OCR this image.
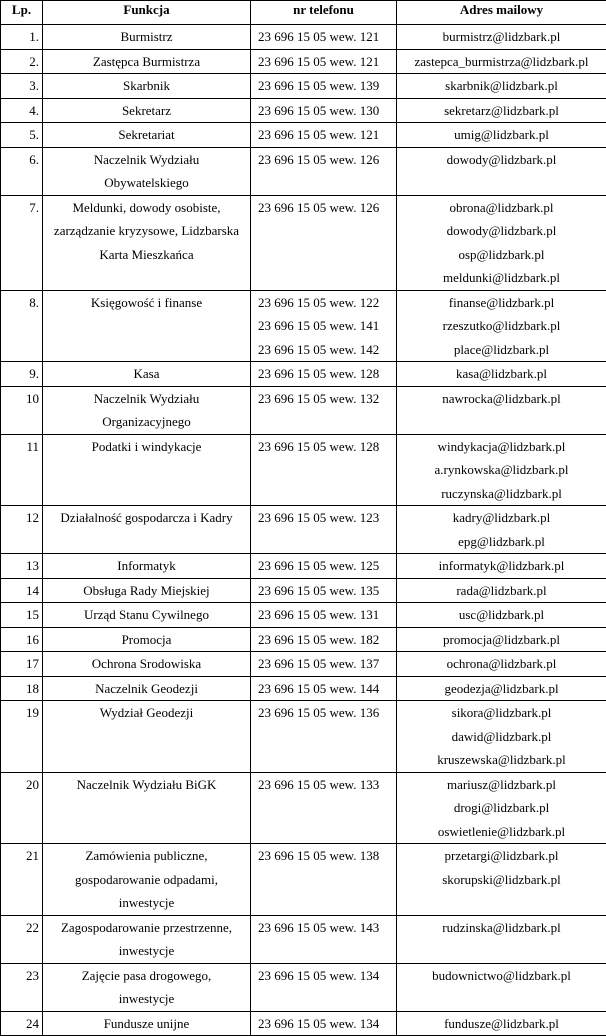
Lp.	Funkcja	nr telefonu	Adres mailowy
1.	Burmistrz	23 696 15 05 wew. 121	burmistrz@lidzbark.pl

2.	Zastępca Burmistrza	23 696 15 05 wew. 121	zastepca_burmistrza@lidzbark.pl

3.	Skarbnik	23 696 15 05 wew. 139	skarbnik@lidzbark.pl

4.	Sekretarz	23 696 15 05 wew. 130	sekretarz@lidzbark.pl

5.	Sekretariat	23 696 15 05 wew. 121	umig@lidzbark.pl

6.	Naczelnik Wydziału
Obywatelskiego	23 696 15 05 wew. 126	dowody@lidzbark.pl

7.	Meldunki, dowody osobiste,
zarządzanie kryzysowe, Lidzbarska
Karta Mieszkańca	23 696 15 05 wew. 126	obrona@lidzbark.pl
dowody@lidzbark.pl
osp@lidzbark.pl
meldunki@lidzbark.pl

8.	Księgowość i finanse	23 696 15 05 wew. 122
23 696 15 05 wew. 141
23 696 15 05 wew. 142	finanse@lidzbark.pl
rzeszutko@lidzbark.pl
place@lidzbark.pl

9.	Kasa	23 696 15 05 wew. 128	kasa@lidzbark.pl

10	Naczelnik Wydziału
Organizacyjnego	23 696 15 05 wew. 132	nawrocka@lidzbark.pl

11	Podatki i windykacje	23 696 15 05 wew. 128	windykacja@lidzbark.pl
a.rynkowska@lidzbark.pl
ruczynska@lidzbark.pl

12	Działalność gospodarcza i Kadry	23 696 15 05 wew. 123	kadry@lidzbark.pl
epg@lidzbark.pl

13	Informatyk	23 696 15 05 wew. 125	informatyk@lidzbark.pl

14	Obsługa Rady Miejskiej	23 696 15 05 wew. 135	rada@lidzbark.pl

15	Urząd Stanu Cywilnego	23 696 15 05 wew. 131	usc@lidzbark.pl

16	Promocja	23 696 15 05 wew. 182	promocja@lidzbark.pl

17	Ochrona Srodowiska	23 696 15 05 wew. 137	ochrona@lidzbark.pl

18	Naczelnik Geodezji	23 696 15 05 wew. 144	geodezja@lidzbark.pl

19	Wydział Geodezji	23 696 15 05 wew. 136	sikora@lidzbark.pl
dawid@lidzbark.pl
kruszewska@lidzbark.pl

20	Naczelnik Wydziału BiGK	23 696 15 05 wew. 133	mariusz@lidzbark.pl
drogi@lidzbark.pl
oswietlenie@lidzbark.pl

21	Zamówienia publiczne,
gospodarowanie odpadami,
inwestycje	23 696 15 05 wew. 138	przetargi@lidzbark.pl
skorupski@lidzbark.pl

22	Zagospodarowanie przestrzenne,
inwestycje	23 696 15 05 wew. 143	rudzinska@lidzbark.pl

23	Zajęcie pasa drogowego,
inwestycje	23 696 15 05 wew. 134	budownictwo@lidzbark.pl

24	Fundusze unijne	23 696 15 05 wew. 134	fundusze@lidzbark.pl
